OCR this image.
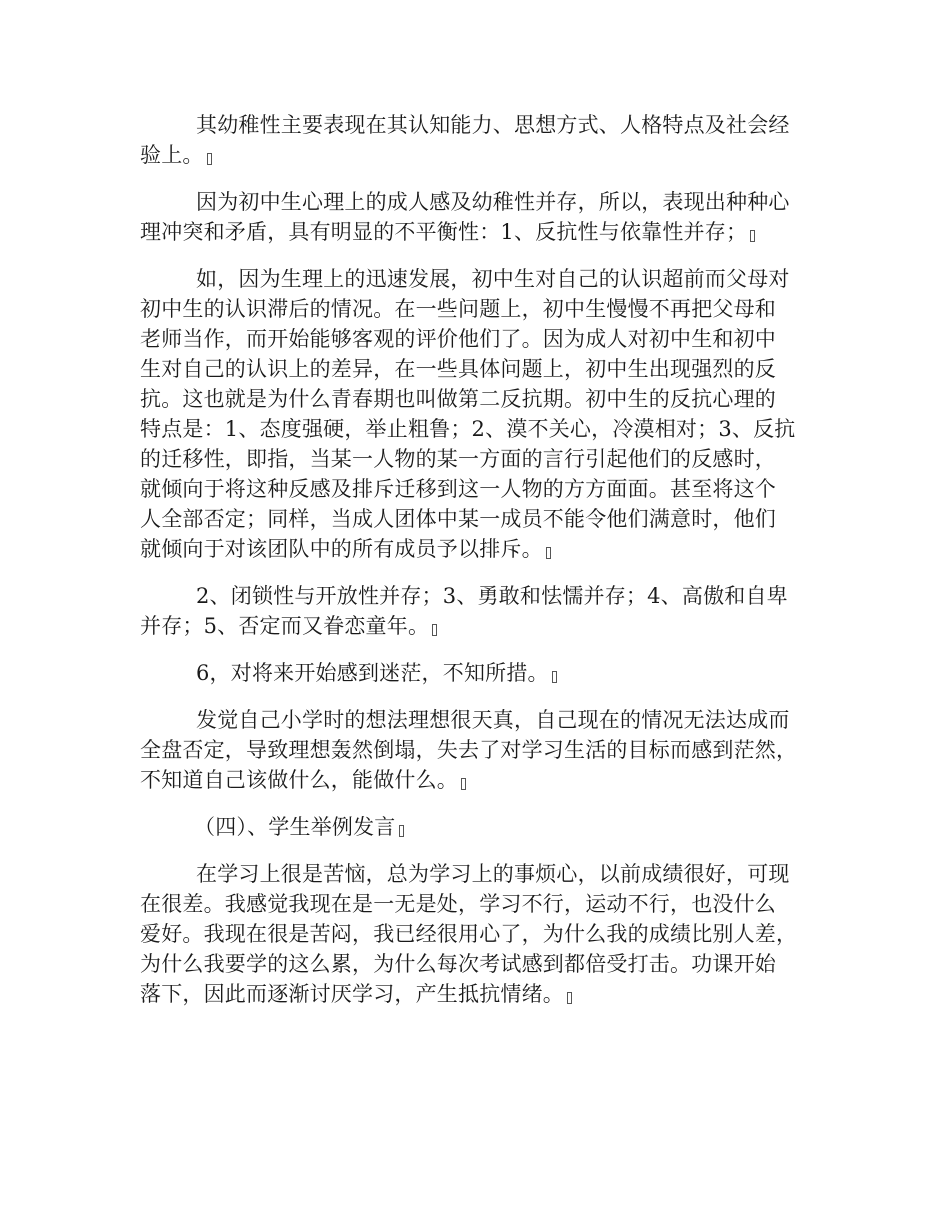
其幼稚性主要表现在其认知能力、思想方式、人格特点及社会经
验上。
因为初中生心理上的成人感及幼稚性并存，所以，表现出种种心
理冲突和矛盾，具有明显的不平衡性：1、反抗性与依靠性并存；
如，因为生理上的迅速发展，初中生对自己的认识超前而父母对
初中生的认识滞后的情况。在一些问题上，初中生慢慢不再把父母和
老师当作，而开始能够客观的评价他们了。因为成人对初中生和初中
生对自己的认识上的差异，在一些具体问题上，初中生出现强烈的反
抗。这也就是为什么青春期也叫做第二反抗期。初中生的反抗心理的
特点是：1、态度强硬，举止粗鲁；2、漠不关心，冷漠相对；3、反抗
的迁移性，即指，当某一人物的某一方面的言行引起他们的反感时，
就倾向于将这种反感及排斥迁移到这一人物的方方面面。甚至将这个
人全部否定；同样，当成人团体中某一成员不能令他们满意时，他们
就倾向于对该团队中的所有成员予以排斥。
2、闭锁性与开放性并存；3、勇敢和怯懦并存；4、高傲和自卑
并存；5、否定而又眷恋童年。
6，对将来开始感到迷茫，不知所措。
发觉自己小学时的想法理想很天真，自己现在的情况无法达成而
全盘否定，导致理想轰然倒塌，失去了对学习生活的目标而感到茫然，
不知道自己该做什么，能做什么。
（四）、学生举例发言
在学习上很是苦恼，总为学习上的事烦心，以前成绩很好，可现
在很差。我感觉我现在是一无是处，学习不行，运动不行，也没什么
爱好。我现在很是苦闷，我已经很用心了，为什么我的成绩比别人差，
为什么我要学的这么累，为什么每次考试感到都倍受打击。功课开始
落下，因此而逐渐讨厌学习，产生抵抗情绪。
